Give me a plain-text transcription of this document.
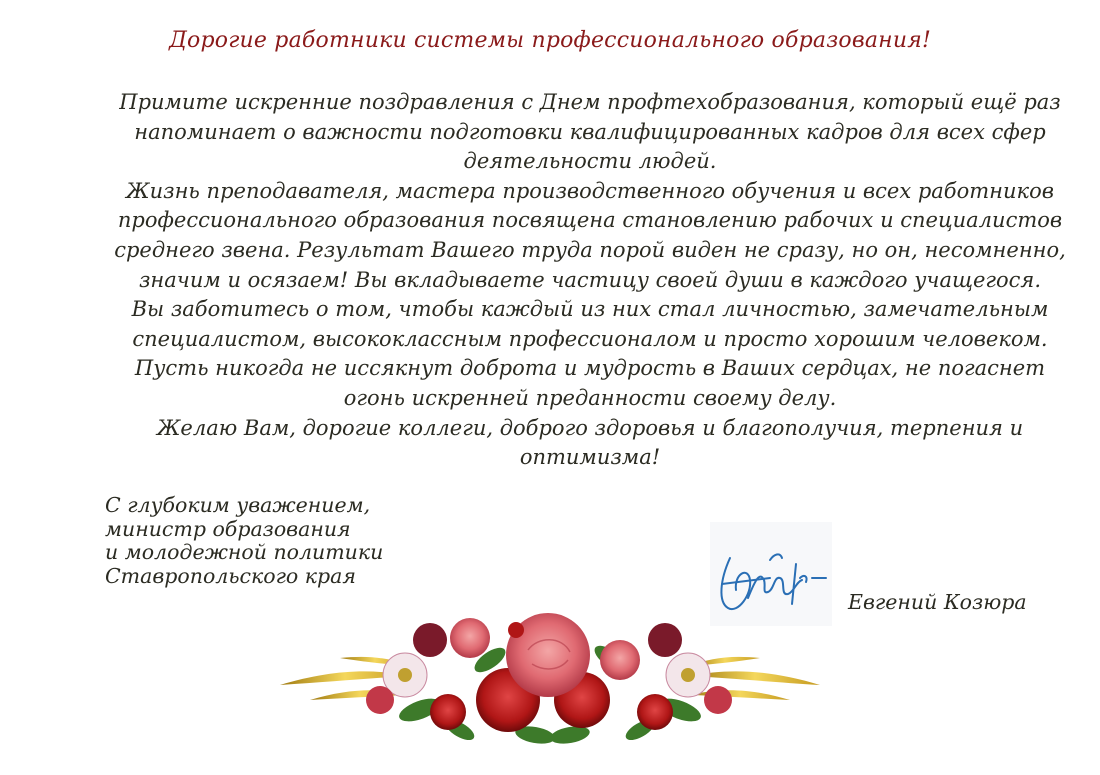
Дорогие работники системы профессионального образования!
Примите искренние поздравления с Днем профтехобразования, который ещё раз
напоминает о важности подготовки квалифицированных кадров для всех сфер
деятельности людей.
Жизнь преподавателя, мастера производственного обучения и всех работников
профессионального образования посвящена становлению рабочих и специалистов
среднего звена. Результат Вашего труда порой виден не сразу, но он, несомненно,
значим и осязаем! Вы вкладываете частицу своей души в каждого учащегося.
Вы заботитесь о том, чтобы каждый из них стал личностью, замечательным
специалистом, высококлассным профессионалом и просто хорошим человеком.
Пусть никогда не иссякнут доброта и мудрость в Ваших сердцах, не погаснет
огонь искренней преданности своему делу.
Желаю Вам, дорогие коллеги, доброго здоровья и благополучия, терпения и
оптимизма!
С глубоким уважением,
министр образования
и молодежной политики
Ставропольского края
Евгений Козюра
